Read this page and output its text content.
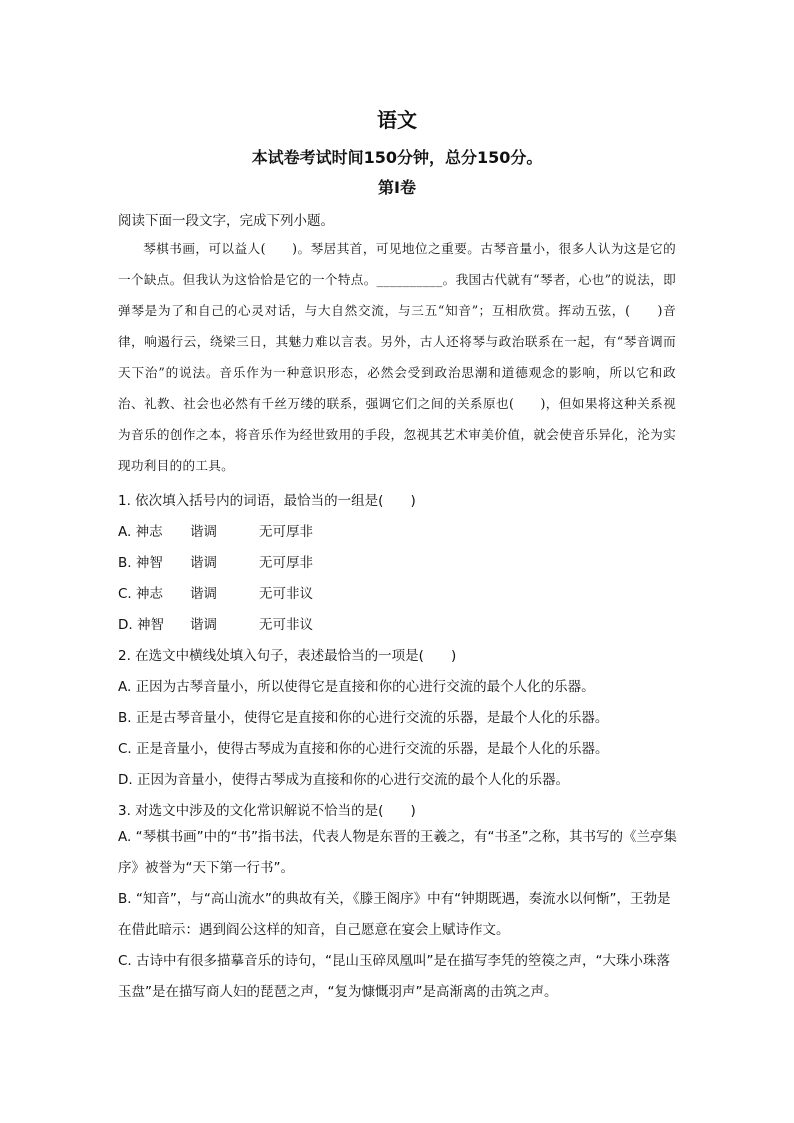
语文
本试卷考试时间150分钟，总分150分。
第Ⅰ卷
阅读下面一段文字，完成下列小题。
琴棋书画，可以益人(　　)。琴居其首，可见地位之重要。古琴音量小，很多人认为这是它的一个缺点。但我认为这恰恰是它的一个特点。__________。我国古代就有“琴者，心也”的说法，即弹琴是为了和自己的心灵对话，与大自然交流，与三五“知音”；互相欣赏。挥动五弦，(　　)音律，响遏行云，绕梁三日，其魅力难以言表。另外，古人还将琴与政治联系在一起，有“琴音调而天下治”的说法。音乐作为一种意识形态，必然会受到政治思潮和道德观念的影响，所以它和政治、礼教、社会也必然有千丝万缕的联系，强调它们之间的关系原也(　　)，但如果将这种关系视为音乐的创作之本，将音乐作为经世致用的手段，忽视其艺术审美价值，就会使音乐异化，沦为实现功利目的的工具。
1. 依次填入括号内的词语，最恰当的一组是(　　)
A. 神志 谐调	无可厚非
B. 神智 谐调	无可厚非
C. 神志 谐调	无可非议
D. 神智 谐调	无可非议
2. 在选文中横线处填入句子，表述最恰当的一项是(　　)
A. 正因为古琴音量小，所以使得它是直接和你的心进行交流的最个人化的乐器。
B. 正是古琴音量小，使得它是直接和你的心进行交流的乐器，是最个人化的乐器。
C. 正是音量小，使得古琴成为直接和你的心进行交流的乐器，是最个人化的乐器。
D. 正因为音量小，使得古琴成为直接和你的心进行交流的最个人化的乐器。
3. 对选文中涉及的文化常识解说不恰当的是(　　)
A. “琴棋书画”中的“书”指书法，代表人物是东晋的王羲之，有“书圣”之称，其书写的《兰亭集序》被誉为“天下第一行书”。
B. “知音”，与“高山流水”的典故有关，《滕王阁序》中有“钟期既遇，奏流水以何惭”，王勃是在借此暗示：遇到阎公这样的知音，自己愿意在宴会上赋诗作文。
C. 古诗中有很多描摹音乐的诗句，“昆山玉碎凤凰叫”是在描写李凭的箜篌之声，“大珠小珠落玉盘”是在描写商人妇的琵琶之声，“复为慷慨羽声”是高渐离的击筑之声。
